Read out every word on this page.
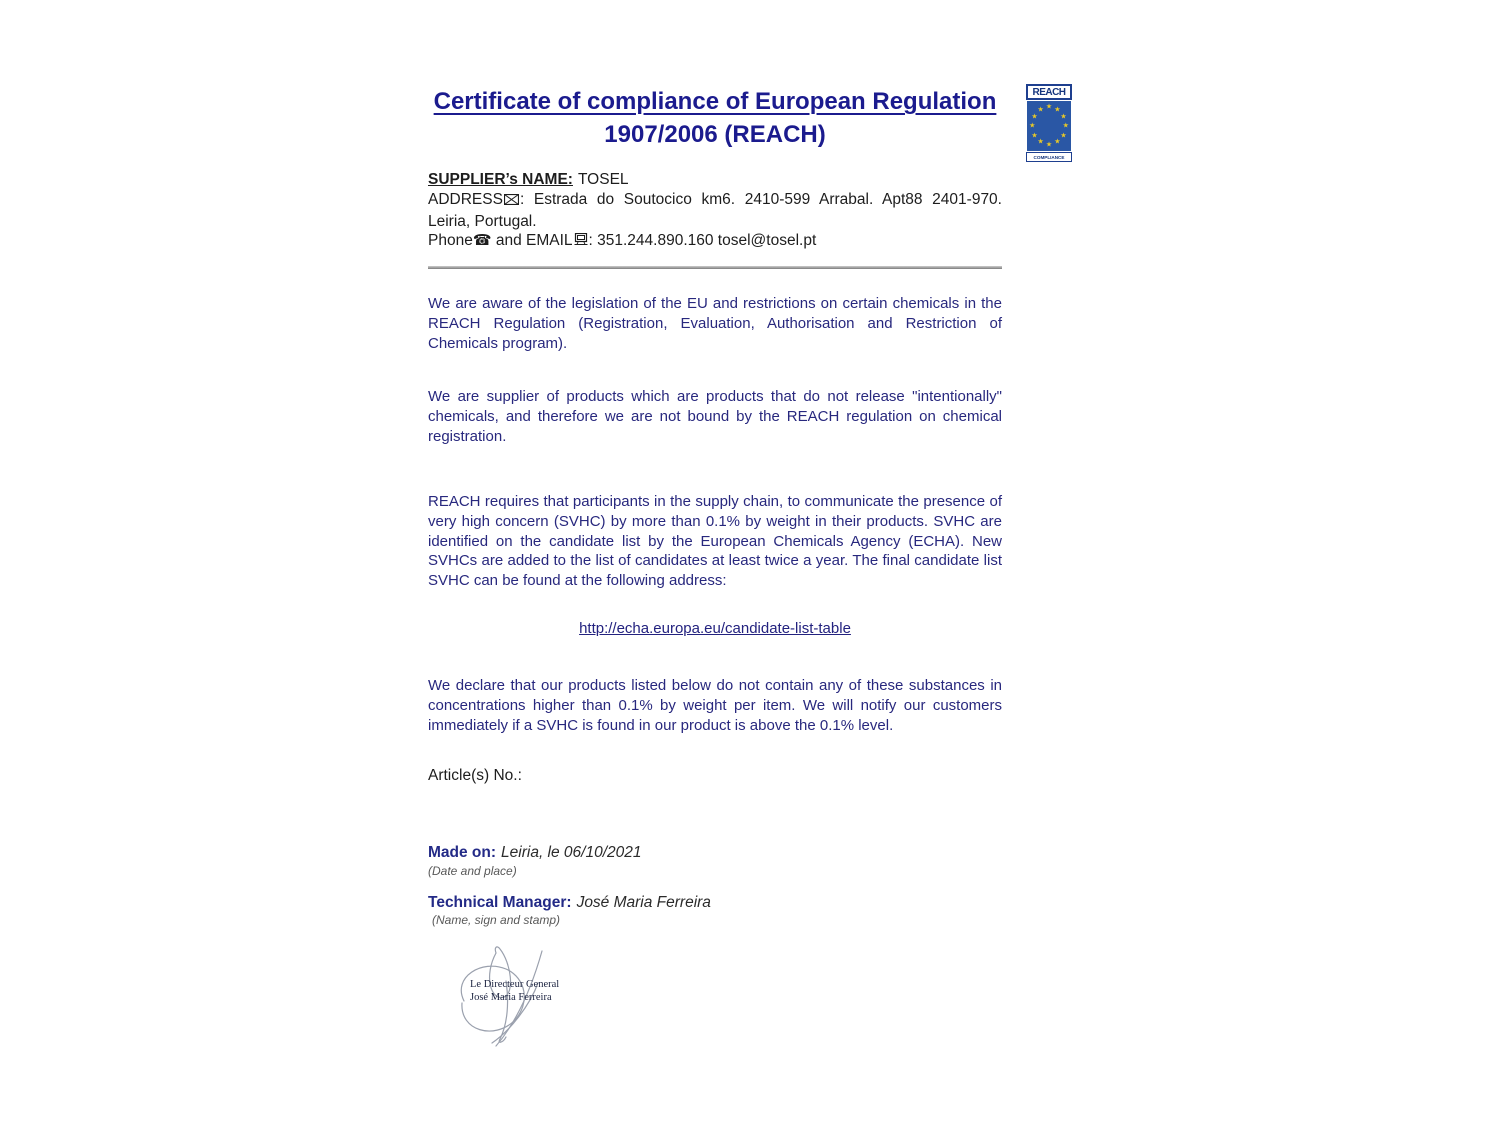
REACH
★ ★
★
★
★
★
★
★
★
★
★
★
COMPLIANCE
Certificate of compliance of European Regulation
1907/2006 (REACH)
SUPPLIER’s NAME: TOSEL
ADDRESS : Estrada do Soutocico km6. 2410-599 Arrabal. Apt88 2401-970. Leiria, Portugal.
Phone☎ and EMAIL : 351.244.890.160 tosel@tosel.pt

We are aware of the legislation of the EU and restrictions on certain chemicals in the REACH Regulation (Registration, Evaluation, Authorisation and Restriction of Chemicals program).

We are supplier of products which are products that do not release "intentionally" chemicals, and therefore we are not bound by the REACH regulation on chemical registration.

REACH requires that participants in the supply chain, to communicate the presence of very high concern (SVHC) by more than 0.1% by weight in their products. SVHC are identified on the candidate list by the European Chemicals Agency (ECHA). New SVHCs are added to the list of candidates at least twice a year. The final candidate list SVHC can be found at the following address:

http://echa.europa.eu/candidate-list-table

We declare that our products listed below do not contain any of these substances in concentrations higher than 0.1% by weight per item. We will notify our customers immediately if a SVHC is found in our product is above the 0.1% level.

Article(s) No.:
Made on: Leiria, le 06/10/2021
(Date and place)
Technical Manager: José Maria Ferreira
(Name, sign and stamp)
Le Directeur General
José Maria Ferreira
